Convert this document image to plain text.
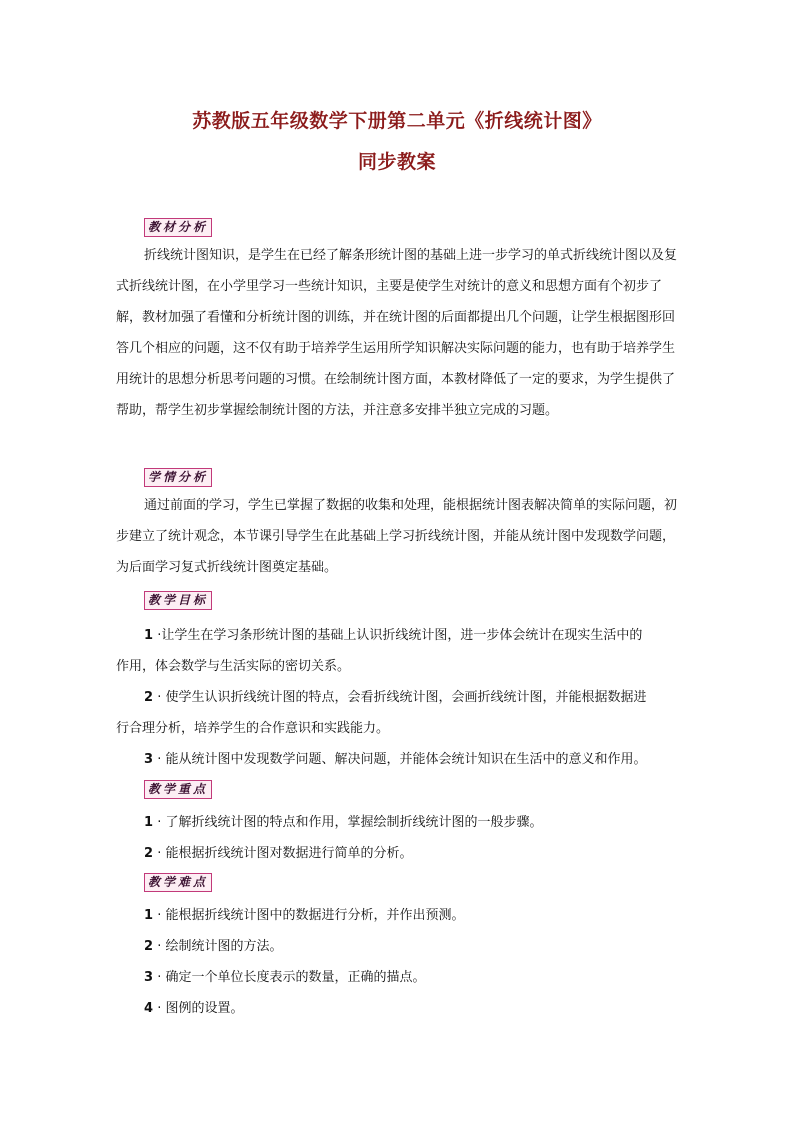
苏教版五年级数学下册第二单元《折线统计图》
同步教案
教材分析
折线统计图知识，是学生在已经了解条形统计图的基础上进一步学习的单式折线统计图以及复式折线统计图，在小学里学习一些统计知识，主要是使学生对统计的意义和思想方面有个初步了解，教材加强了看懂和分析统计图的训练，并在统计图的后面都提出几个问题，让学生根据图形回答几个相应的问题，这不仅有助于培养学生运用所学知识解决实际问题的能力，也有助于培养学生用统计的思想分析思考问题的习惯。在绘制统计图方面，本教材降低了一定的要求，为学生提供了帮助，帮学生初步掌握绘制统计图的方法，并注意多安排半独立完成的习题。
学情分析
通过前面的学习，学生已掌握了数据的收集和处理，能根据统计图表解决简单的实际问题，初步建立了统计观念，本节课引导学生在此基础上学习折线统计图，并能从统计图中发现数学问题，为后面学习复式折线统计图奠定基础。
教学目标
1 ·让学生在学习条形统计图的基础上认识折线统计图，进一步体会统计在现实生活中的
作用，体会数学与生活实际的密切关系。
2 · 使学生认识折线统计图的特点，会看折线统计图，会画折线统计图，并能根据数据进
行合理分析，培养学生的合作意识和实践能力。
3 · 能从统计图中发现数学问题、解决问题，并能体会统计知识在生活中的意义和作用。
教学重点
1 · 了解折线统计图的特点和作用，掌握绘制折线统计图的一般步骤。
2 · 能根据折线统计图对数据进行简单的分析。
教学难点
1 · 能根据折线统计图中的数据进行分析，并作出预测。
2 · 绘制统计图的方法。
3 · 确定一个单位长度表示的数量，正确的描点。
4 · 图例的设置。
